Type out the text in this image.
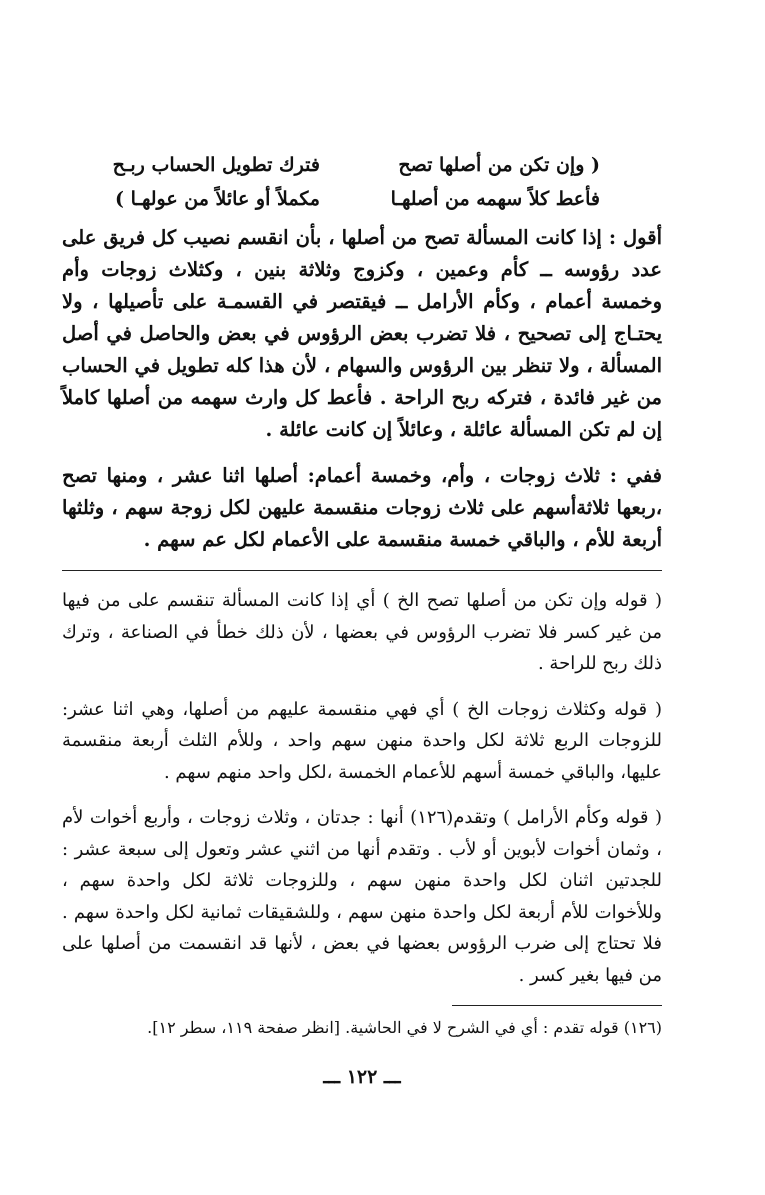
( وإن تكن من أصلها تصح
فترك تطويل الحساب ربـح
فأعط كلاً سهمه من أصلهـا
مكملاً أو عائلاً من عولهـا )

أقول : إذا كانت المسألة تصح من أصلها ، بأن انقسم نصيب كل فريق على عدد رؤوسه ــ كأم وعمين ، وكزوج وثلاثة بنين ، وكثلاث زوجات وأم وخمسة أعمام ، وكأم الأرامل ــ فيقتصر في القسمـة على تأصيلها ، ولا يحتـاج إلى تصحيح ، فلا تضرب بعض الرؤوس في بعض والحاصل في أصل المسألة ، ولا تنظر بين الرؤوس والسهام ، لأن هذا كله تطويل في الحساب من غير فائدة ، فتركه ربح الراحة . فأعط كل وارث سهمه من أصلها كاملاً إن لم تكن المسألة عائلة ، وعائلاً إن كانت عائلة .

ففي : ثلاث زوجات ، وأم، وخمسة أعمام: أصلها اثنا عشر ، ومنها تصح ،ربعها ثلاثةأسهم على ثلاث زوجات منقسمة عليهن لكل زوجة سهم ، وثلثها أربعة للأم ، والباقي خمسة منقسمة على الأعمام لكل عم سهم .

( قوله وإن تكن من أصلها تصح الخ ) أي إذا كانت المسألة تنقسم على من فيها من غير كسر فلا تضرب الرؤوس في بعضها ، لأن ذلك خطأ في الصناعة ، وترك ذلك ربح للراحة .

( قوله وكثلاث زوجات الخ ) أي فهي منقسمة عليهم من أصلها، وهي اثنا عشر: للزوجات الربع ثلاثة لكل واحدة منهن سهم واحد ، وللأم الثلث أربعة منقسمة عليها، والباقي خمسة أسهم للأعمام الخمسة ،لكل واحد منهم سهم .

( قوله وكأم الأرامل ) وتقدم(١٢٦) أنها : جدتان ، وثلاث زوجات ، وأربع أخوات لأم ، وثمان أخوات لأبوين أو لأب . وتقدم أنها من اثني عشر وتعول إلى سبعة عشر : للجدتين اثنان لكل واحدة منهن سهم ، وللزوجات ثلاثة لكل واحدة سهم ، وللأخوات للأم أربعة لكل واحدة منهن سهم ، وللشقيقات ثمانية لكل واحدة سهم . فلا تحتاج إلى ضرب الرؤوس بعضها في بعض ، لأنها قد انقسمت من أصلها على من فيها بغير كسر .

(١٢٦) قوله تقدم : أي في الشرح لا في الحاشية. [انظر صفحة ١١٩، سطر ١٢].

ـــ ١٢٢ ـــ
